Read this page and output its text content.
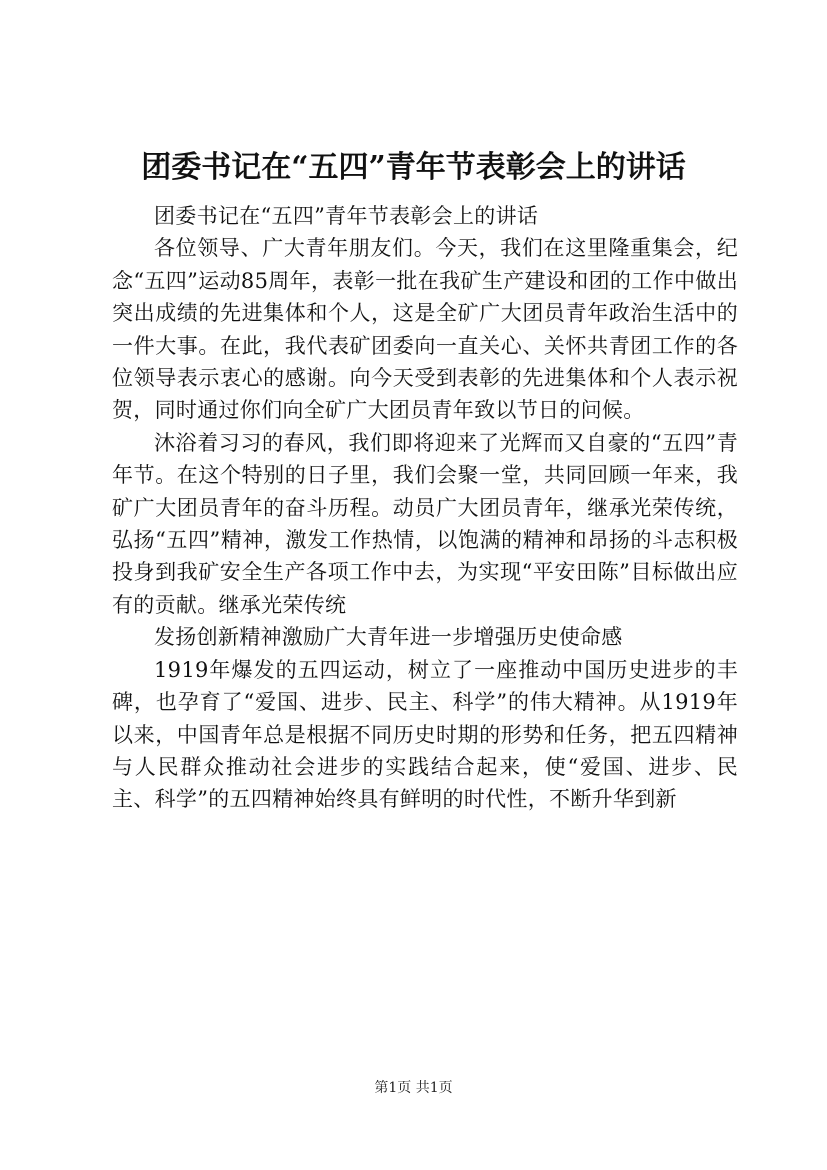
团委书记在“五四”青年节表彰会上的讲话

团委书记在“五四”青年节表彰会上的讲话

各位领导、广大青年朋友们。今天，我们在这里隆重集会，纪念“五四”运动85周年，表彰一批在我矿生产建设和团的工作中做出突出成绩的先进集体和个人，这是全矿广大团员青年政治生活中的一件大事。在此，我代表矿团委向一直关心、关怀共青团工作的各位领导表示衷心的感谢。向今天受到表彰的先进集体和个人表示祝贺，同时通过你们向全矿广大团员青年致以节日的问候。

沐浴着习习的春风，我们即将迎来了光辉而又自豪的“五四”青年节。在这个特别的日子里，我们会聚一堂，共同回顾一年来，我矿广大团员青年的奋斗历程。动员广大团员青年，继承光荣传统，弘扬“五四”精神，激发工作热情，以饱满的精神和昂扬的斗志积极投身到我矿安全生产各项工作中去，为实现“平安田陈”目标做出应有的贡献。继承光荣传统

发扬创新精神激励广大青年进一步增强历史使命感

1919年爆发的五四运动，树立了一座推动中国历史进步的丰碑，也孕育了“爱国、进步、民主、科学”的伟大精神。从1919年以来，中国青年总是根据不同历史时期的形势和任务，把五四精神与人民群众推动社会进步的实践结合起来，使“爱国、进步、民主、科学”的五四精神始终具有鲜明的时代性，不断升华到新

第1页 共1页
